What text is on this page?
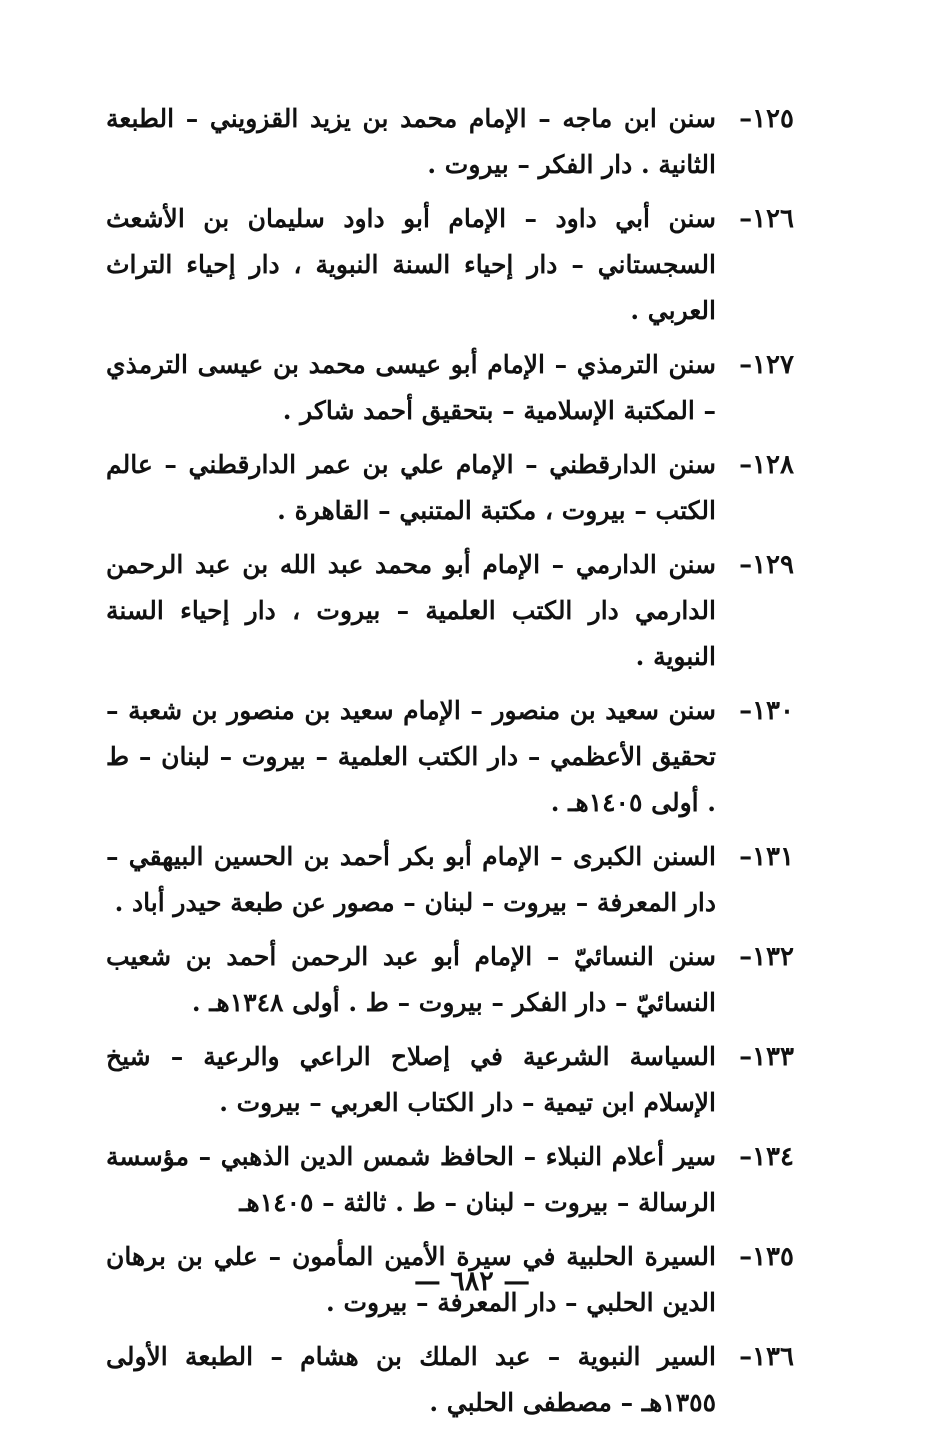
١٢٥–
سنن ابن ماجه – الإمام محمد بن يزيد القزويني – الطبعة الثانية . دار الفكر – بيروت .
١٢٦–
سنن أبي داود – الإمام أبو داود سليمان بن الأشعث السجستاني – دار إحياء السنة النبوية ، دار إحياء التراث العربي .
١٢٧–
سنن الترمذي – الإمام أبو عيسى محمد بن عيسى الترمذي – المكتبة الإسلامية – بتحقيق أحمد شاكر .
١٢٨–
سنن الدارقطني – الإمام علي بن عمر الدارقطني – عالم الكتب – بيروت ، مكتبة المتنبي – القاهرة .
١٢٩–
سنن الدارمي – الإمام أبو محمد عبد الله بن عبد الرحمن الدارمي دار الكتب العلمية – بيروت ، دار إحياء السنة النبوية .
١٣٠–
سنن سعيد بن منصور – الإمام سعيد بن منصور بن شعبة – تحقيق الأعظمي – دار الكتب العلمية – بيروت – لبنان – ط . أولى ١٤٠٥هـ .
١٣١–
السنن الكبرى – الإمام أبو بكر أحمد بن الحسين البيهقي – دار المعرفة – بيروت – لبنان – مصور عن طبعة حيدر أباد .
١٣٢–
سنن النسائيّ – الإمام أبو عبد الرحمن أحمد بن شعيب النسائيّ – دار الفكر – بيروت – ط . أولى ١٣٤٨هـ .
١٣٣–
السياسة الشرعية في إصلاح الراعي والرعية – شيخ الإسلام ابن تيمية – دار الكتاب العربي – بيروت .
١٣٤–
سير أعلام النبلاء – الحافظ شمس الدين الذهبي – مؤسسة الرسالة – بيروت – لبنان – ط . ثالثة – ١٤٠٥هـ
١٣٥–
السيرة الحلبية في سيرة الأمين المأمون – علي بن برهان الدين الحلبي – دار المعرفة – بيروت .
١٣٦–
السير النبوية – عبد الملك بن هشام – الطبعة الأولى ١٣٥٥هـ – مصطفى الحلبي .
— ٦٨٢ —
